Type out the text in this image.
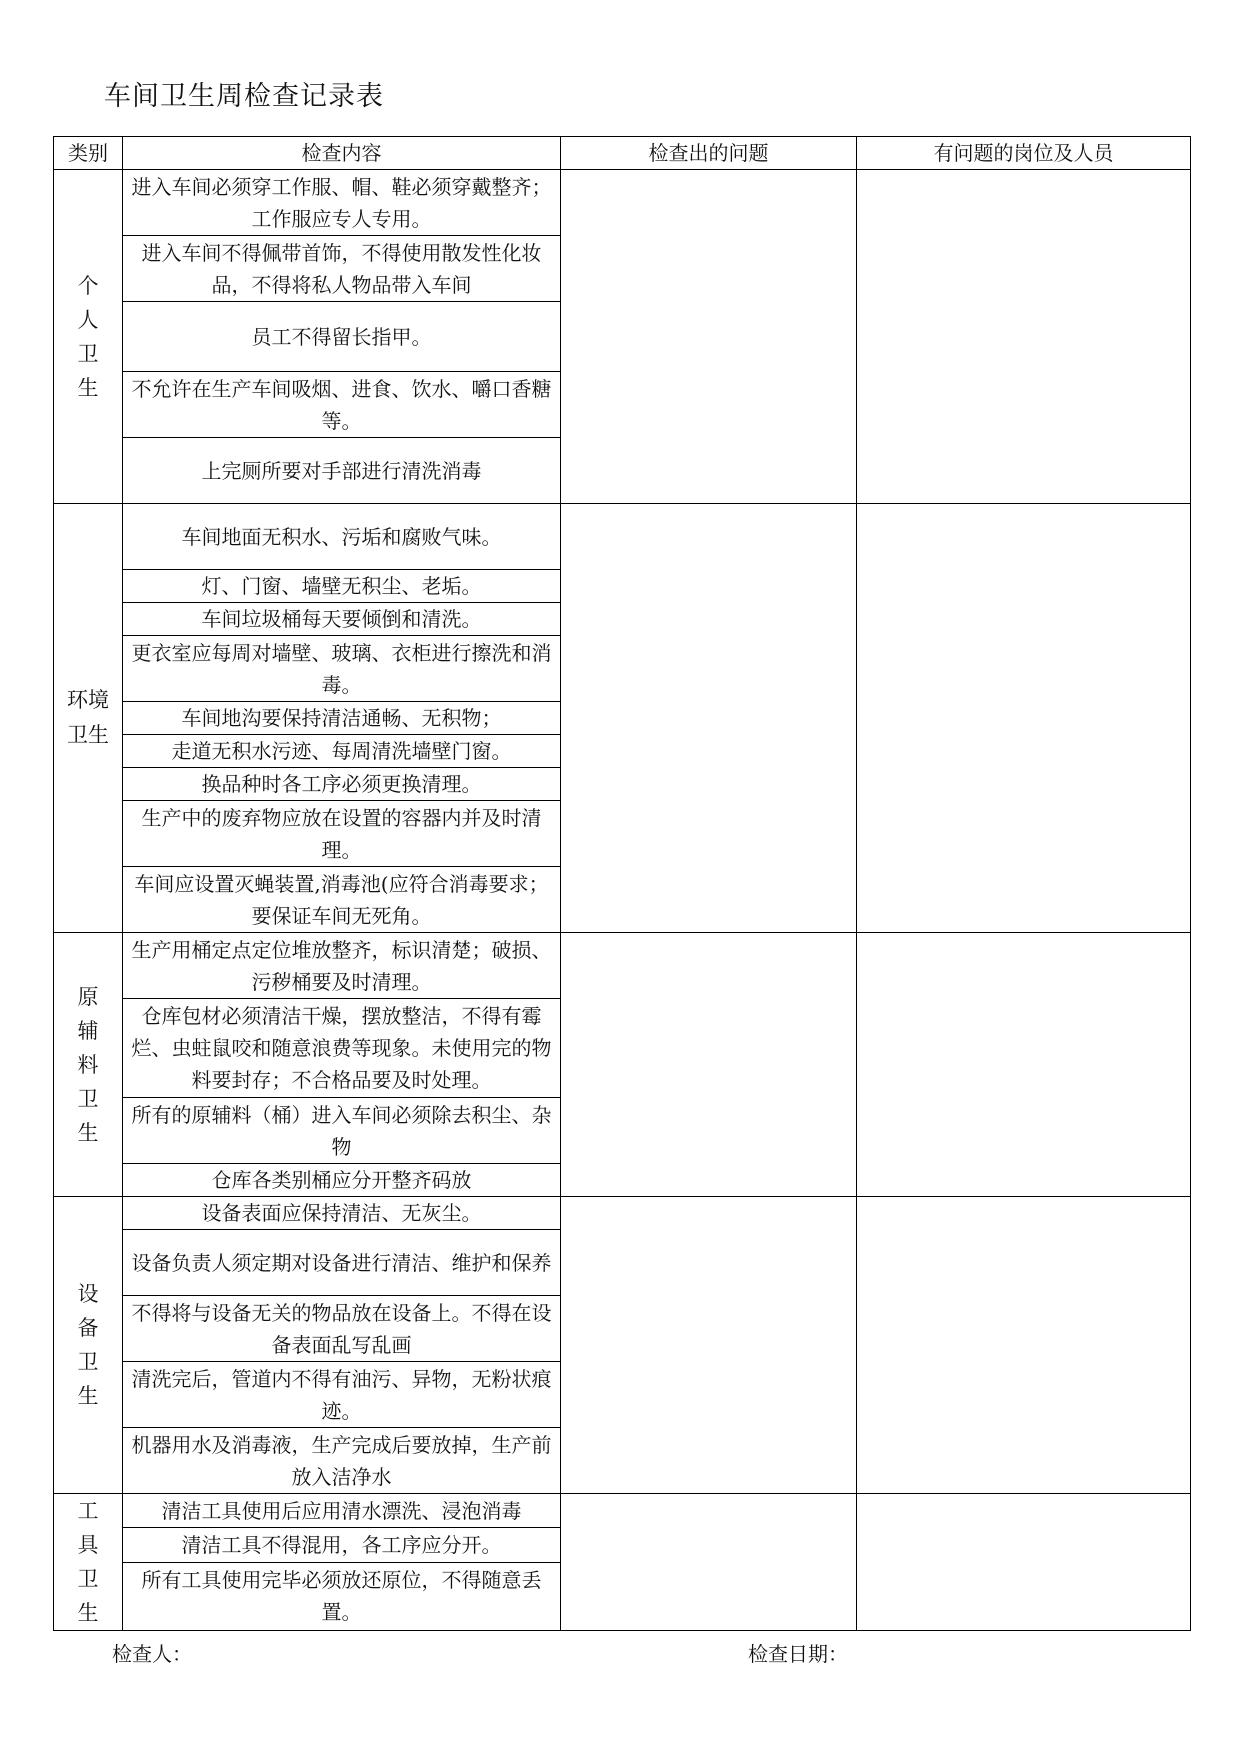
车间卫生周检查记录表
类别	检查内容	检查出的问题	有问题的岗位及人员
个人卫生	进入车间必须穿工作服、帽、鞋必须穿戴整齐；工作服应专人专用。		
	进入车间不得佩带首饰，不得使用散发性化妆品，不得将私人物品带入车间		
	员工不得留长指甲。		
	不允许在生产车间吸烟、进食、饮水、嚼口香糖等。		
	上完厕所要对手部进行清洗消毒		
环境卫生	车间地面无积水、污垢和腐败气味。		
	灯、门窗、墙壁无积尘、老垢。		
	车间垃圾桶每天要倾倒和清洗。		
	更衣室应每周对墙壁、玻璃、衣柜进行擦洗和消毒。		
	车间地沟要保持清洁通畅、无积物；		
	走道无积水污迹、每周清洗墙壁门窗。		
	换品种时各工序必须更换清理。		
	生产中的废弃物应放在设置的容器内并及时清理。		
	车间应设置灭蝇装置,消毒池(应符合消毒要求；要保证车间无死角。		
原辅料卫生	生产用桶定点定位堆放整齐，标识清楚；破损、污秽桶要及时清理。		
	仓库包材必须清洁干燥，摆放整洁，不得有霉烂、虫蛀鼠咬和随意浪费等现象。未使用完的物料要封存；不合格品要及时处理。		
	所有的原辅料（桶）进入车间必须除去积尘、杂物		
	仓库各类别桶应分开整齐码放		
设备卫生	设备表面应保持清洁、无灰尘。		
	设备负责人须定期对设备进行清洁、维护和保养		
	不得将与设备无关的物品放在设备上。不得在设备表面乱写乱画		
	清洗完后，管道内不得有油污、异物，无粉状痕迹。		
	机器用水及消毒液，生产完成后要放掉，生产前放入洁净水		
工具卫生	清洁工具使用后应用清水漂洗、浸泡消毒		
	清洁工具不得混用，各工序应分开。		
	所有工具使用完毕必须放还原位，不得随意丢置。		
检查人：	检查日期：
